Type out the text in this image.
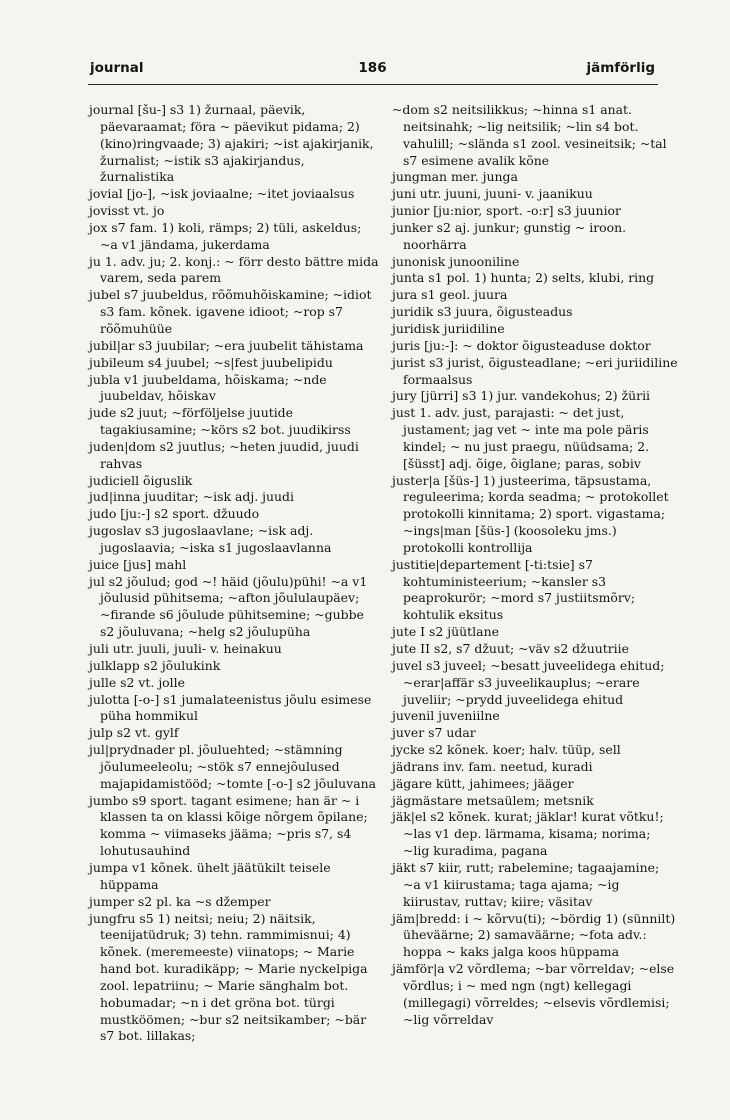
186
journal	jämförlig

journal [šu-] s3 1) žurnaal, päevik, päevaraamat; föra ~ päevikut pidama; 2) (kino)ringvaade; 3) ajakiri; ~ist ajakirjanik, žurnalist; ~istik s3 ajakirjandus, žurnalistika

jovial [jo-], ~isk joviaalne; ~itet joviaalsus

jovisst vt. jo

jox s7 fam. 1) koli, rämps; 2) tüli, askeldus; ~a v1 jändama, jukerdama

ju 1. adv. ju; 2. konj.: ~ förr desto bättre mida varem, seda parem

jubel s7 juubeldus, rõõmuhõiskamine; ~idiot s3 fam. kõnek. igavene idioot; ~rop s7 rõõmuhüüe

jubil|ar s3 juubilar; ~era juubelit tähistama

jubileum s4 juubel; ~s|fest juubelipidu

jubla v1 juubeldama, hõiskama; ~nde juubeldav, hõiskav

jude s2 juut; ~förföljelse juutide tagakiusamine; ~körs s2 bot. juudikirss

juden|dom s2 juutlus; ~heten juudid, juudi rahvas

judiciell õiguslik

jud|inna juuditar; ~isk adj. juudi

judo [ju:-] s2 sport. džuudo

jugoslav s3 jugoslaavlane; ~isk adj. jugoslaavia; ~iska s1 jugoslaavlanna

juice [jus] mahl

jul s2 jõulud; god ~! häid (jõulu)pühi! ~a v1 jõulusid pühitsema; ~afton jõululaupäev; ~firande s6 jõulude pühitsemine; ~gubbe s2 jõuluvana; ~helg s2 jõulupüha

juli utr. juuli, juuli- v. heinakuu

julklapp s2 jõulukink

julle s2 vt. jolle

julotta [-o-] s1 jumalateenistus jõulu esimese püha hommikul

julp s2 vt. gylf

jul|prydnader pl. jõuluehted; ~stämning jõulumeeleolu; ~stök s7 ennejõulused majapidamistööd; ~tomte [-o-] s2 jõuluvana

jumbo s9 sport. tagant esimene; han är ~ i klassen ta on klassi kõige nõrgem õpilane; komma ~ viimaseks jääma; ~pris s7, s4 lohutusauhind

jumpa v1 kõnek. ühelt jäätükilt teisele hüppama

jumper s2 pl. ka ~s džemper

jungfru s5 1) neitsi; neiu; 2) näitsik, teenijatüdruk; 3) tehn. rammimisnui; 4) kõnek. (meremeeste) viinatops; ~ Marie hand bot. kuradikäpp; ~ Marie nyckelpiga zool. lepatriinu; ~ Marie sänghalm bot. hobumadar; ~n i det gröna bot. türgi mustköömen; ~bur s2 neitsikamber; ~bär s7 bot. lillakas;

~dom s2 neitsilikkus; ~hinna s1 anat. neitsinahk; ~lig neitsilik; ~lin s4 bot. vahulill; ~slända s1 zool. vesineitsik; ~tal s7 esimene avalik kõne

jungman mer. junga

juni utr. juuni, juuni- v. jaanikuu

junior [ju:nior, sport. -o:r] s3 juunior

junker s2 aj. junkur; gunstig ~ iroon. noorhärra

junonisk junooniline

junta s1 pol. 1) hunta; 2) selts, klubi, ring

jura s1 geol. juura

juridik s3 juura, õigusteadus

juridisk juriidiline

juris [ju:-]: ~ doktor õigusteaduse doktor

jurist s3 jurist, õigusteadlane; ~eri juriidiline formaalsus

jury [jürri] s3 1) jur. vandekohus; 2) žürii

just 1. adv. just, parajasti: ~ det just, justament; jag vet ~ inte ma pole päris kindel; ~ nu just praegu, nüüdsama; 2. [šüsst] adj. õige, õiglane; paras, sobiv

juster|a [šüs-] 1) justeerima, täpsustama, reguleerima; korda seadma; ~ protokollet protokolli kinnitama; 2) sport. vigastama; ~ings|man [šüs-] (koosoleku jms.) protokolli kontrollija

justitie|departement [-ti:tsie] s7 kohtuministeerium; ~kansler s3 peaprokurör; ~mord s7 justiitsmõrv; kohtulik eksitus

jute I s2 jüütlane

jute II s2, s7 džuut; ~väv s2 džuutriie

juvel s3 juveel; ~besatt juveelidega ehitud; ~erar|affär s3 juveelikauplus; ~erare juveliir; ~prydd juveelidega ehitud

juvenil juveniilne

juver s7 udar

jycke s2 kõnek. koer; halv. tüüp, sell

jädrans inv. fam. neetud, kuradi

jägare kütt, jahimees; jääger

jägmästare metsaülem; metsnik

jäk|el s2 kõnek. kurat; jäklar! kurat võtku!; ~las v1 dep. lärmama, kisama; norima; ~lig kuradima, pagana

jäkt s7 kiir, rutt; rabelemine; tagaajamine; ~a v1 kiirustama; taga ajama; ~ig kiirustav, ruttav; kiire; väsitav

jäm|bredd: i ~ kõrvu(ti); ~bördig 1) (sünnilt) üheväärne; 2) samaväärne; ~fota adv.: hoppa ~ kaks jalga koos hüppama

jämför|a v2 võrdlema; ~bar võrreldav; ~else võrdlus; i ~ med ngn (ngt) kellegagi (millegagi) võrreldes; ~elsevis võrdlemisi; ~lig võrreldav
